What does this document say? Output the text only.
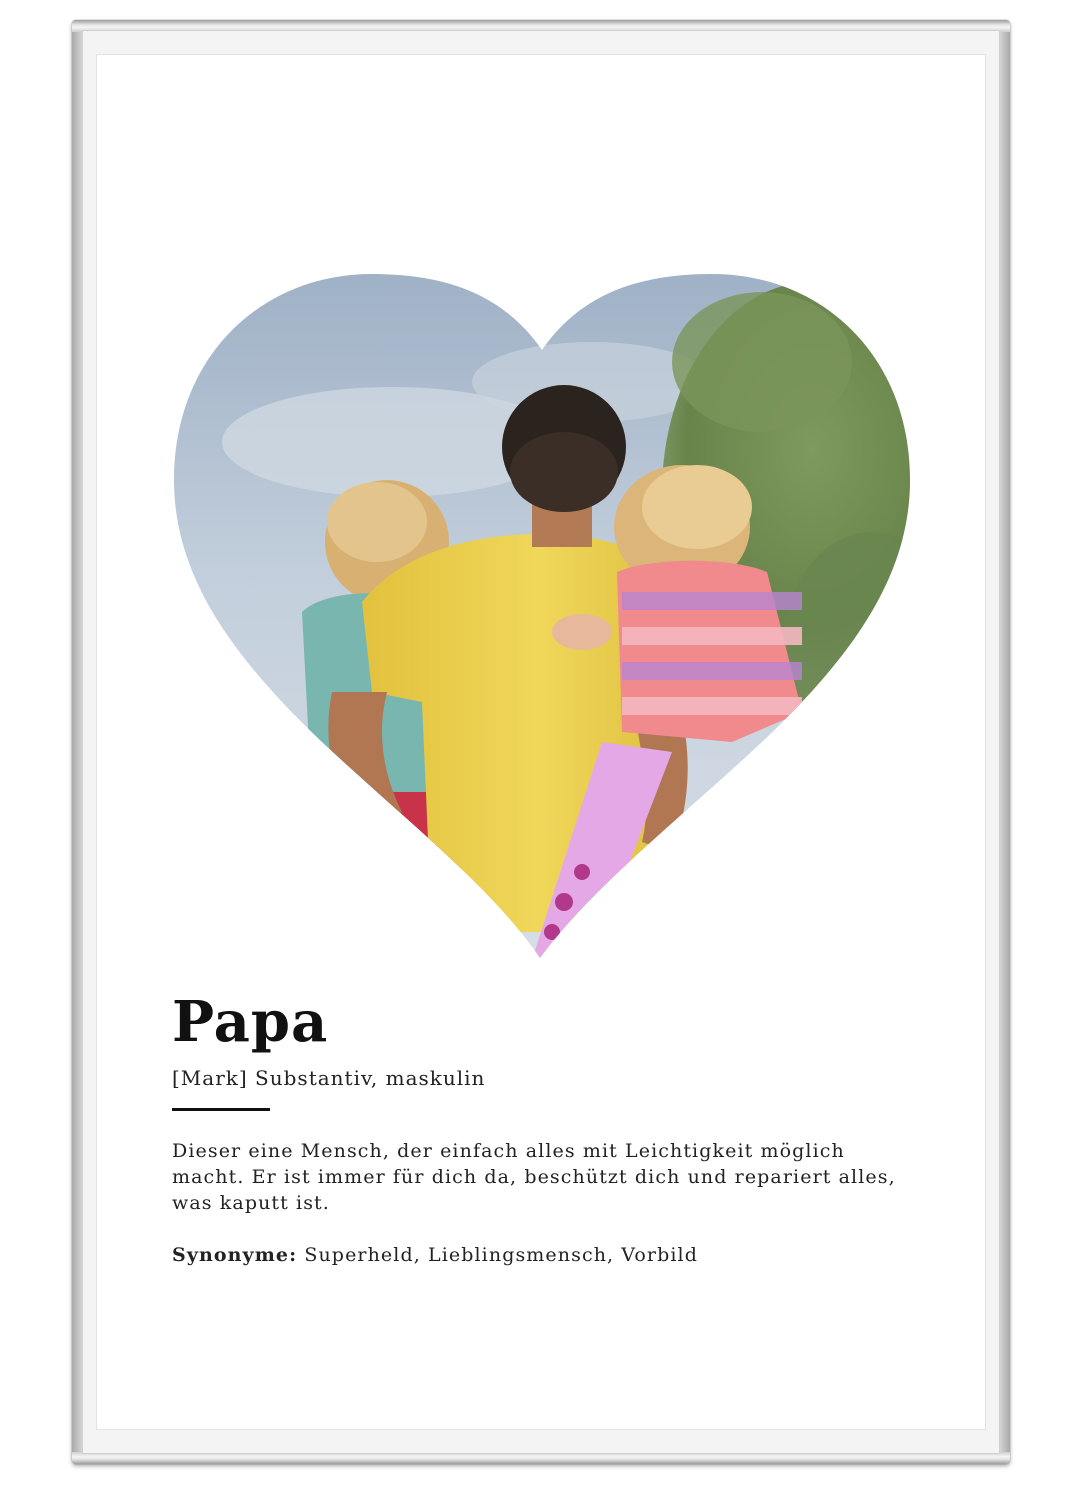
Papa
[Mark] Substantiv, maskulin
Dieser eine Mensch, der einfach alles mit Leichtigkeit möglich macht. Er ist immer für dich da, beschützt dich und repariert alles, was kaputt ist.
Synonyme: Superheld, Lieblingsmensch, Vorbild
